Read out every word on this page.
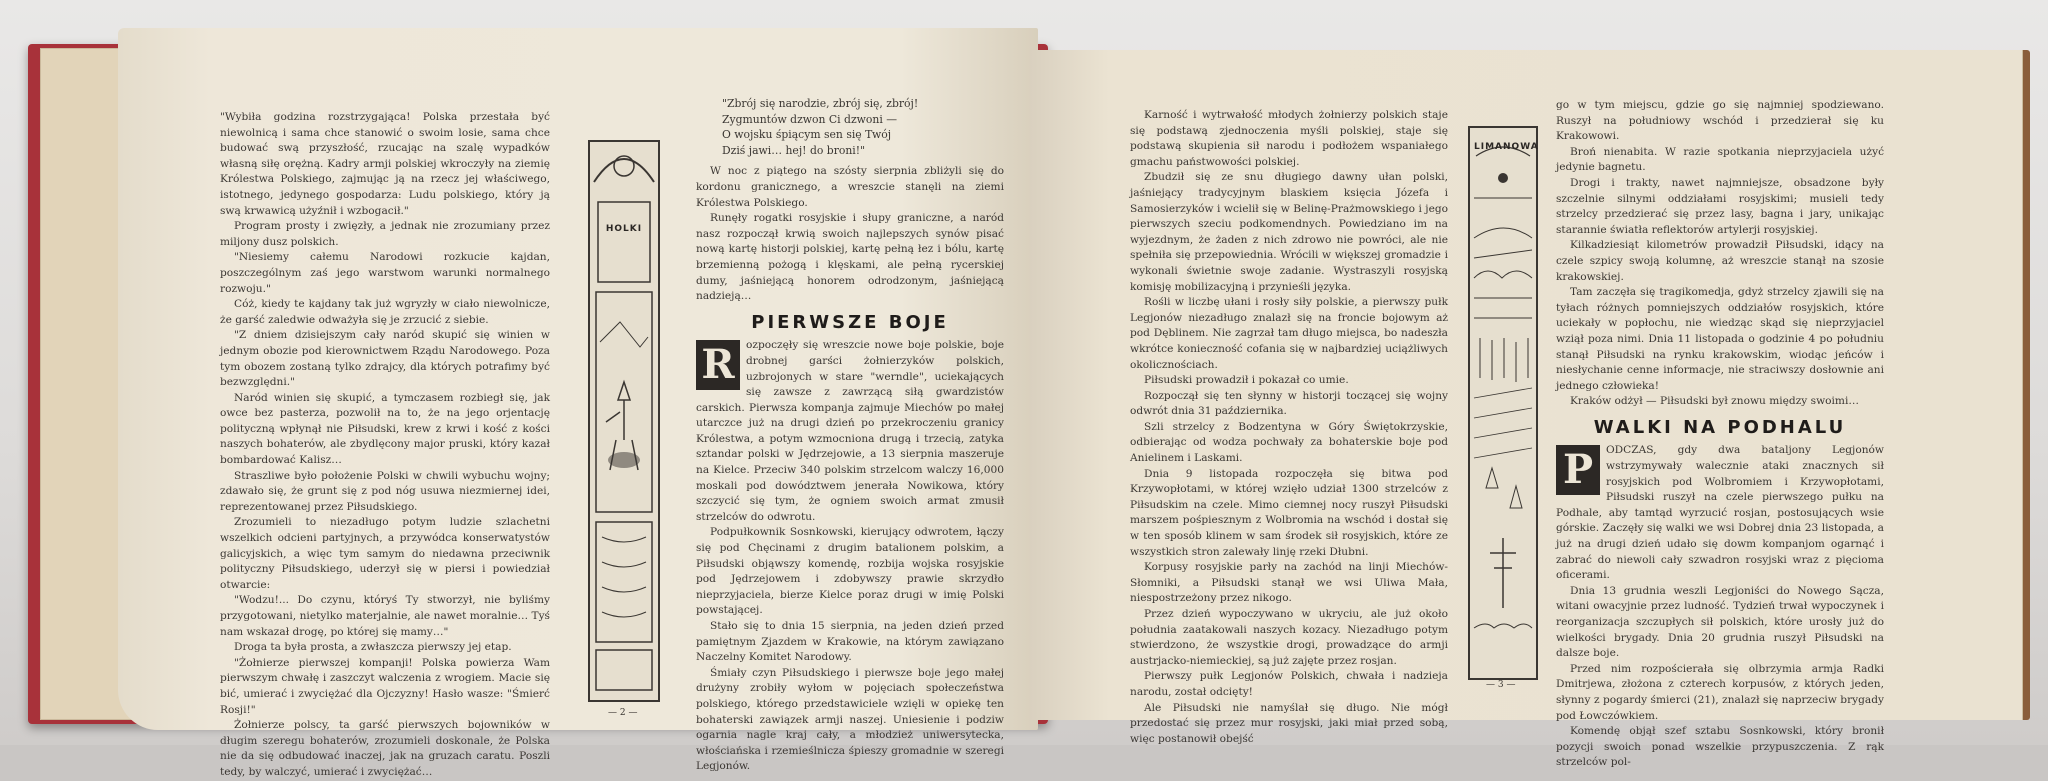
"Wybiła godzina rozstrzygająca! Polska przestała być niewolnicą i sama chce stanowić o swoim losie, sama chce budować swą przyszłość, rzucając na szalę wypadków własną siłę orężną. Kadry armji polskiej wkroczyły na ziemię Królestwa Polskiego, zajmując ją na rzecz jej właściwego, istotnego, jedynego gospodarza: Ludu polskiego, który ją swą krwawicą użyźnił i wzbogacił."

Program prosty i zwięzły, a jednak nie zrozumiany przez miljony dusz polskich.

"Niesiemy całemu Narodowi rozkucie kajdan, poszczególnym zaś jego warstwom warunki normalnego rozwoju."

Cóż, kiedy te kajdany tak już wgryzły w ciało niewolnicze, że garść zaledwie odważyła się je zrzucić z siebie.

"Z dniem dzisiejszym cały naród skupić się winien w jednym obozie pod kierownictwem Rządu Narodowego. Poza tym obozem zostaną tylko zdrajcy, dla których potrafimy być bezwzględni."

Naród winien się skupić, a tymczasem rozbiegł się, jak owce bez pasterza, pozwolił na to, że na jego orjentację polityczną wpłynął nie Piłsudski, krew z krwi i kość z kości naszych bohaterów, ale zbydlęcony major pruski, który kazał bombardować Kalisz…

Straszliwe było położenie Polski w chwili wybuchu wojny; zdawało się, że grunt się z pod nóg usuwa niezmiernej idei, reprezentowanej przez Piłsudskiego.

Zrozumieli to niezadługo potym ludzie szlachetni wszelkich odcieni partyjnych, a przywódca konserwatystów galicyjskich, a więc tym samym do niedawna przeciwnik polityczny Piłsudskiego, uderzył się w piersi i powiedział otwarcie:

"Wodzu!... Do czynu, któryś Ty stworzył, nie byliśmy przygotowani, nietylko materjalnie, ale nawet moralnie… Tyś nam wskazał drogę, po której się mamy…"

Droga ta była prosta, a zwłaszcza pierwszy jej etap.

"Żołnierze pierwszej kompanji! Polska powierza Wam pierwszym chwałę i zaszczyt walczenia z wrogiem. Macie się bić, umierać i zwyciężać dla Ojczyzny! Hasło wasze: "Śmierć Rosji!"

Żołnierze polscy, ta garść pierwszych bojowników w długim szeregu bohaterów, zrozumieli doskonale, że Polska nie da się odbudować inaczej, jak na gruzach caratu. Poszli tedy, by walczyć, umierać i zwyciężać…

HOLKI
— 2 —
"Zbrój się narodzie, zbrój się, zbrój!
Zygmuntów dzwon Ci dzwoni —
O wojsku śpiącym sen się Twój
Dziś jawi… hej! do broni!"

W noc z piątego na szósty sierpnia zbliżyli się do kordonu granicznego, a wreszcie stanęli na ziemi Królestwa Polskiego.

Runęły rogatki rosyjskie i słupy graniczne, a naród nasz rozpoczął krwią swoich najlepszych synów pisać nową kartę historji polskiej, kartę pełną łez i bólu, kartę brzemienną pożogą i klęskami, ale pełną rycerskiej dumy, jaśniejącą honorem odrodzonym, jaśniejącą nadzieją…

PIERWSZE BOJE
R	ozpoczęły się wreszcie nowe boje polskie, boje drobnej garści żołnierzyków polskich, uzbrojonych w stare "werndle", uciekających się zawsze z zawrzącą siłą gwardzistów carskich. Pierwsza kompanja zajmuje Miechów po małej utarczce już na drugi dzień po przekroczeniu granicy Królestwa, a potym wzmocniona drugą i trzecią, zatyka sztandar polski w Jędrzejowie, a 13 sierpnia maszeruje na Kielce. Przeciw 340 polskim strzelcom walczy 16,000 moskali pod dowództwem jenerała Nowikowa, który szczycić się tym, że ogniem swoich armat zmusił strzelców do odwrotu.

Podpułkownik Sosnkowski, kierujący odwrotem, łączy się pod Chęcinami z drugim batalionem polskim, a Piłsudski objąwszy komendę, rozbija wojska rosyjskie pod Jędrzejowem i zdobywszy prawie skrzydło nieprzyjaciela, bierze Kielce poraz drugi w imię Polski powstającej.

Stało się to dnia 15 sierpnia, na jeden dzień przed pamiętnym Zjazdem w Krakowie, na którym zawiązano Naczelny Komitet Narodowy.

Śmiały czyn Piłsudskiego i pierwsze boje jego małej drużyny zrobiły wyłom w pojęciach społeczeństwa polskiego, którego przedstawiciele wzięli w opiekę ten bohaterski zawiązek armji naszej. Uniesienie i podziw ogarnia nagle kraj cały, a młodzież uniwersytecka, włościańska i rzemieślnicza śpieszy gromadnie w szeregi Legjonów.

Karność i wytrwałość młodych żołnierzy polskich staje się podstawą zjednoczenia myśli polskiej, staje się podstawą skupienia sił narodu i podłożem wspaniałego gmachu państwowości polskiej.

Zbudził się ze snu długiego dawny ułan polski, jaśniejący tradycyjnym blaskiem księcia Józefa i Samosierzyków i wcielił się w Belinę-Prażmowskiego i jego pierwszych szeciu podkomendnych. Powiedziano im na wyjezdnym, że żaden z nich zdrowo nie powróci, ale nie spełniła się przepowiednia. Wrócili w większej gromadzie i wykonali świetnie swoje zadanie. Wystraszyli rosyjską komisję mobilizacyjną i przynieśli języka.

Rośli w liczbę ułani i rosły siły polskie, a pierwszy pułk Legjonów niezadługo znalazł się na froncie bojowym aż pod Dęblinem. Nie zagrzał tam długo miejsca, bo nadeszła wkrótce konieczność cofania się w najbardziej uciążliwych okolicznościach.

Piłsudski prowadził i pokazał co umie.

Rozpoczął się ten słynny w historji toczącej się wojny odwrót dnia 31 października.

Szli strzelcy z Bodzentyna w Góry Świętokrzyskie, odbierając od wodza pochwały za bohaterskie boje pod Anielinem i Laskami.

Dnia 9 listopada rozpoczęła się bitwa pod Krzywopłotami, w której wzięło udział 1300 strzelców z Piłsudskim na czele. Mimo ciemnej nocy ruszył Piłsudski marszem pośpiesznym z Wolbromia na wschód i dostał się w ten sposób klinem w sam środek sił rosyjskich, które ze wszystkich stron zalewały linję rzeki Dłubni.

Korpusy rosyjskie parły na zachód na linji Miechów-Słomniki, a Piłsudski stanął we wsi Uliwa Mała, niespostrzeżony przez nikogo.

Przez dzień wypoczywano w ukryciu, ale już około południa zaatakowali naszych kozacy. Niezadługo potym stwierdzono, że wszystkie drogi, prowadzące do armji austrjacko-niemieckiej, są już zajęte przez rosjan.

Pierwszy pułk Legjonów Polskich, chwała i nadzieja narodu, został odcięty!

Ale Piłsudski nie namyślał się długo. Nie mógł przedostać się przez mur rosyjski, jaki miał przed sobą, więc postanowił obejść

LIMANOWA
— 3 —

go w tym miejscu, gdzie go się najmniej spodziewano. Ruszył na południowy wschód i przedzierał się ku Krakowowi.

Broń nienabita. W razie spotkania nieprzyjaciela użyć jedynie bagnetu.

Drogi i trakty, nawet najmniejsze, obsadzone były szczelnie silnymi oddziałami rosyjskimi; musieli tedy strzelcy przedzierać się przez lasy, bagna i jary, unikając starannie światła reflektorów artylerji rosyjskiej.

Kilkadziesiąt kilometrów prowadził Piłsudski, idący na czele szpicy swoją kolumnę, aż wreszcie stanął na szosie krakowskiej.

Tam zaczęła się tragikomedja, gdyż strzelcy zjawili się na tyłach różnych pomniejszych oddziałów rosyjskich, które uciekały w popłochu, nie wiedząc skąd się nieprzyjaciel wziął poza nimi. Dnia 11 listopada o godzinie 4 po południu stanął Piłsudski na rynku krakowskim, wiodąc jeńców i niesłychanie cenne informacje, nie straciwszy dosłownie ani jednego człowieka!

Kraków odżył — Piłsudski był znowu między swoimi…

WALKI NA PODHALU
P	ODCZAS, gdy dwa bataljony Legjonów wstrzymywały walecznie ataki znacznych sił rosyjskich pod Wolbromiem i Krzywopłotami, Piłsudski ruszył na czele pierwszego pułku na Podhale, aby tamtąd wyrzucić rosjan, postosujących wsie górskie. Zaczęły się walki we wsi Dobrej dnia 23 listopada, a już na drugi dzień udało się dowm kompanjom ogarnąć i zabrać do niewoli cały szwadron rosyjski wraz z pięcioma oficerami.

Dnia 13 grudnia weszli Legjoniści do Nowego Sącza, witani owacyjnie przez ludność. Tydzień trwał wypoczynek i reorganizacja szczupłych sił polskich, które urosły już do wielkości brygady. Dnia 20 grudnia ruszył Piłsudski na dalsze boje.

Przed nim rozpościerała się olbrzymia armja Radki Dmitrjewa, złożona z czterech korpusów, z których jeden, słynny z pogardy śmierci (21), znalazł się naprzeciw brygady pod Łowczówkiem.

Komendę objął szef sztabu Sosnkowski, który bronił pozycji swoich ponad wszelkie przypuszczenia. Z rąk strzelców pol-
